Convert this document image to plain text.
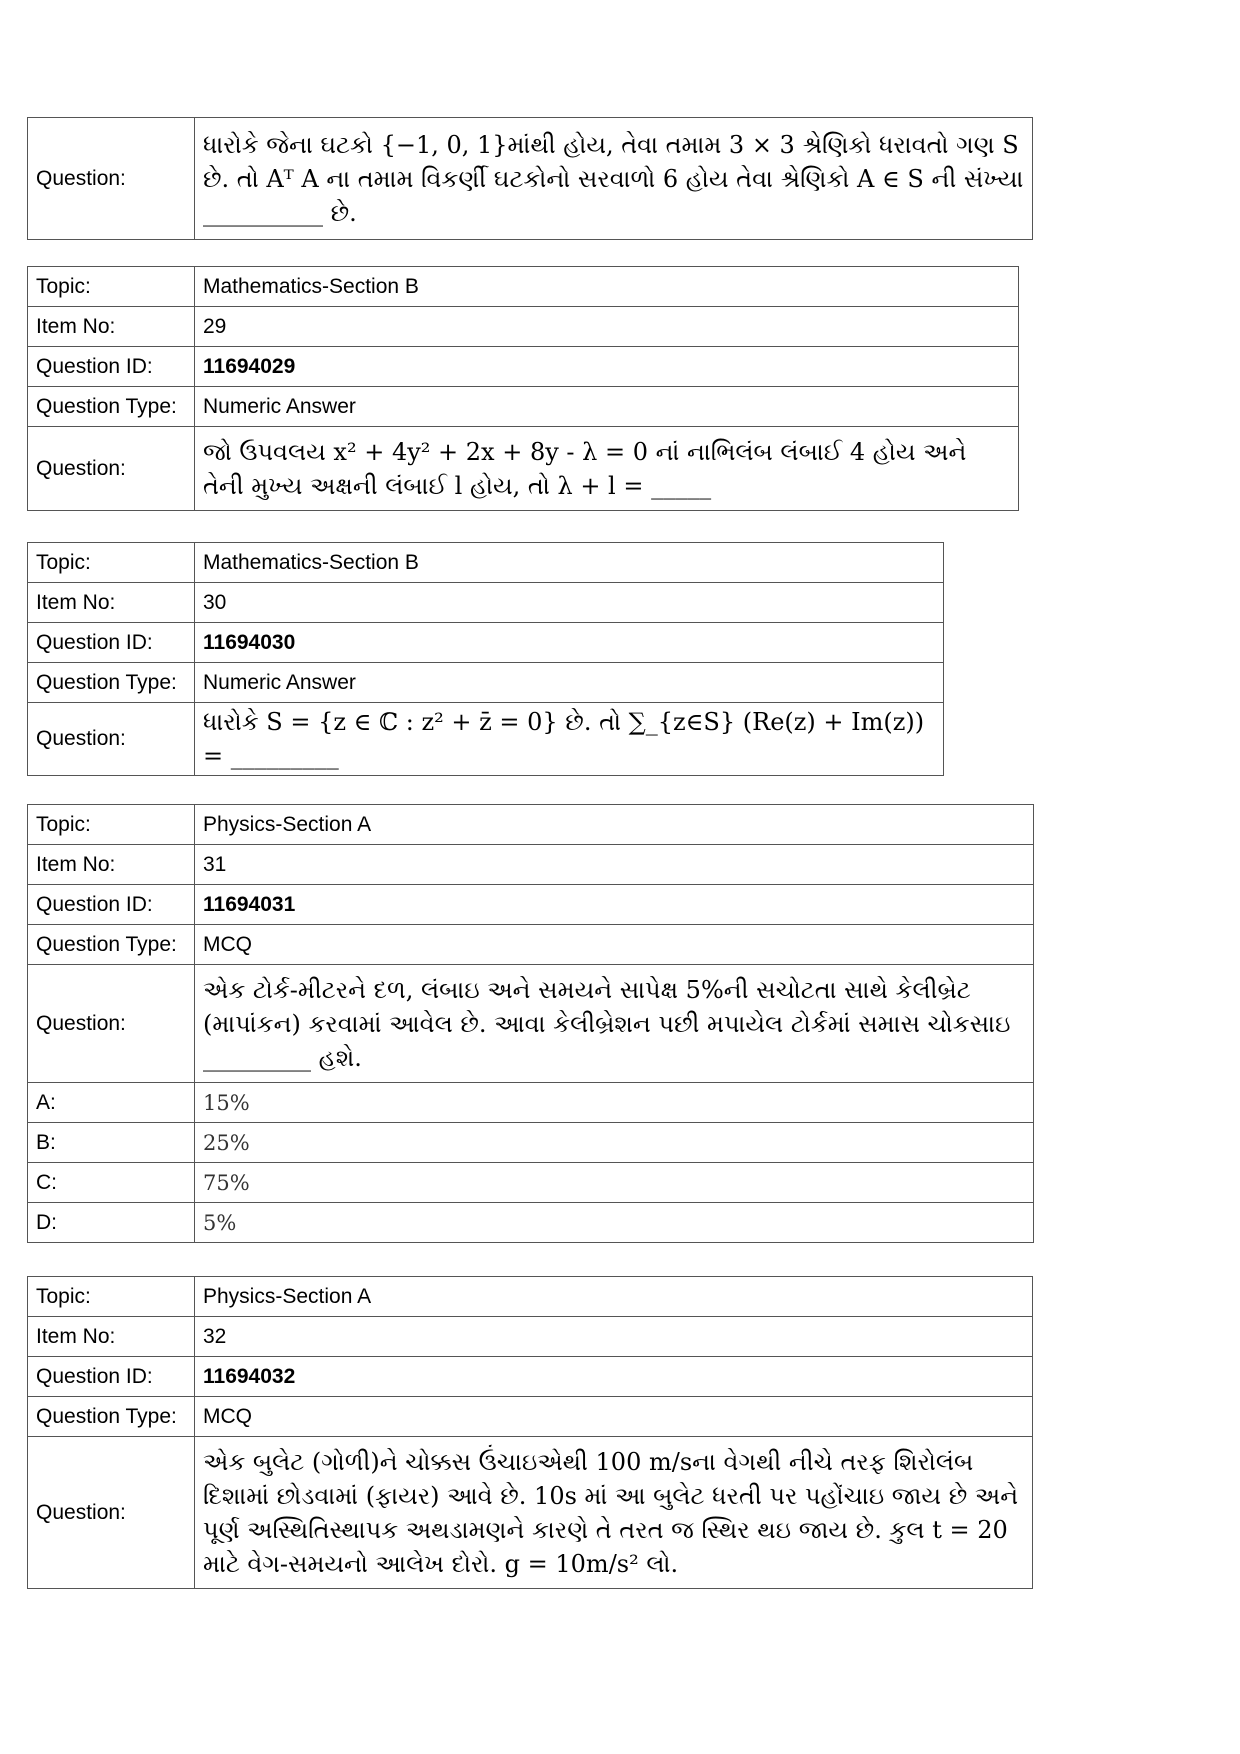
Question:	ધારોકે જેના ઘટકો {−1, 0, 1}માંથી હોય, તેવા તમામ 3 × 3 શ્રેણિકો ધરાવતો ગણ S છે. તો Aᵀ A ના તમામ વિકર્ણી ઘટકોનો સરવાળો 6 હોય તેવા શ્રેણિકો A ∈ S ની સંખ્યા __________ છે.
Topic:	Mathematics-Section B
Item No:	29
Question ID:	11694029
Question Type:	Numeric Answer
Question:	જો ઉપવલય x² + 4y² + 2x + 8y - λ = 0 નાં નાભિલંબ લંબાઈ 4 હોય અને તેની મુખ્ય અક્ષની લંબાઈ l હોય, તો λ + l = _____
Topic:	Mathematics-Section B
Item No:	30
Question ID:	11694030
Question Type:	Numeric Answer
Question:	ધારોકે S = {z ∈ ℂ : z² + z̄ = 0} છે. તો ∑_{z∈S} (Re(z) + Im(z)) = _________
Topic:	Physics-Section A
Item No:	31
Question ID:	11694031
Question Type:	MCQ
Question:	એક ટોર્ક-મીટરને દળ, લંબાઇ અને સમયને સાપેક્ષ 5%ની સચોટતા સાથે કેલીબ્રેટ (માપાંકન) કરવામાં આવેલ છે. આવા કેલીબ્રેશન પછી મપાયેલ ટોર્કમાં સમાસ ચોકસાઇ _________ હશે.
A:	15%
B:	25%
C:	75%
D:	5%
Topic:	Physics-Section A
Item No:	32
Question ID:	11694032
Question Type:	MCQ
Question:	એક બુલેટ (ગોળી)ને ચોક્કસ ઉંચાઇએથી 100 m/sના વેગથી નીચે તરફ શિરોલંબ દિશામાં છોડવામાં (ફાયર) આવે છે. 10s માં આ બુલેટ ધરતી પર પહોંચાઇ જાય છે અને પૂર્ણ અસ્થિતિસ્થાપક અથડામણને કારણે તે તરત જ સ્થિર થઇ જાય છે. કુલ t = 20 માટે વેગ-સમયનો આલેખ દોરો. g = 10m/s² લો.
